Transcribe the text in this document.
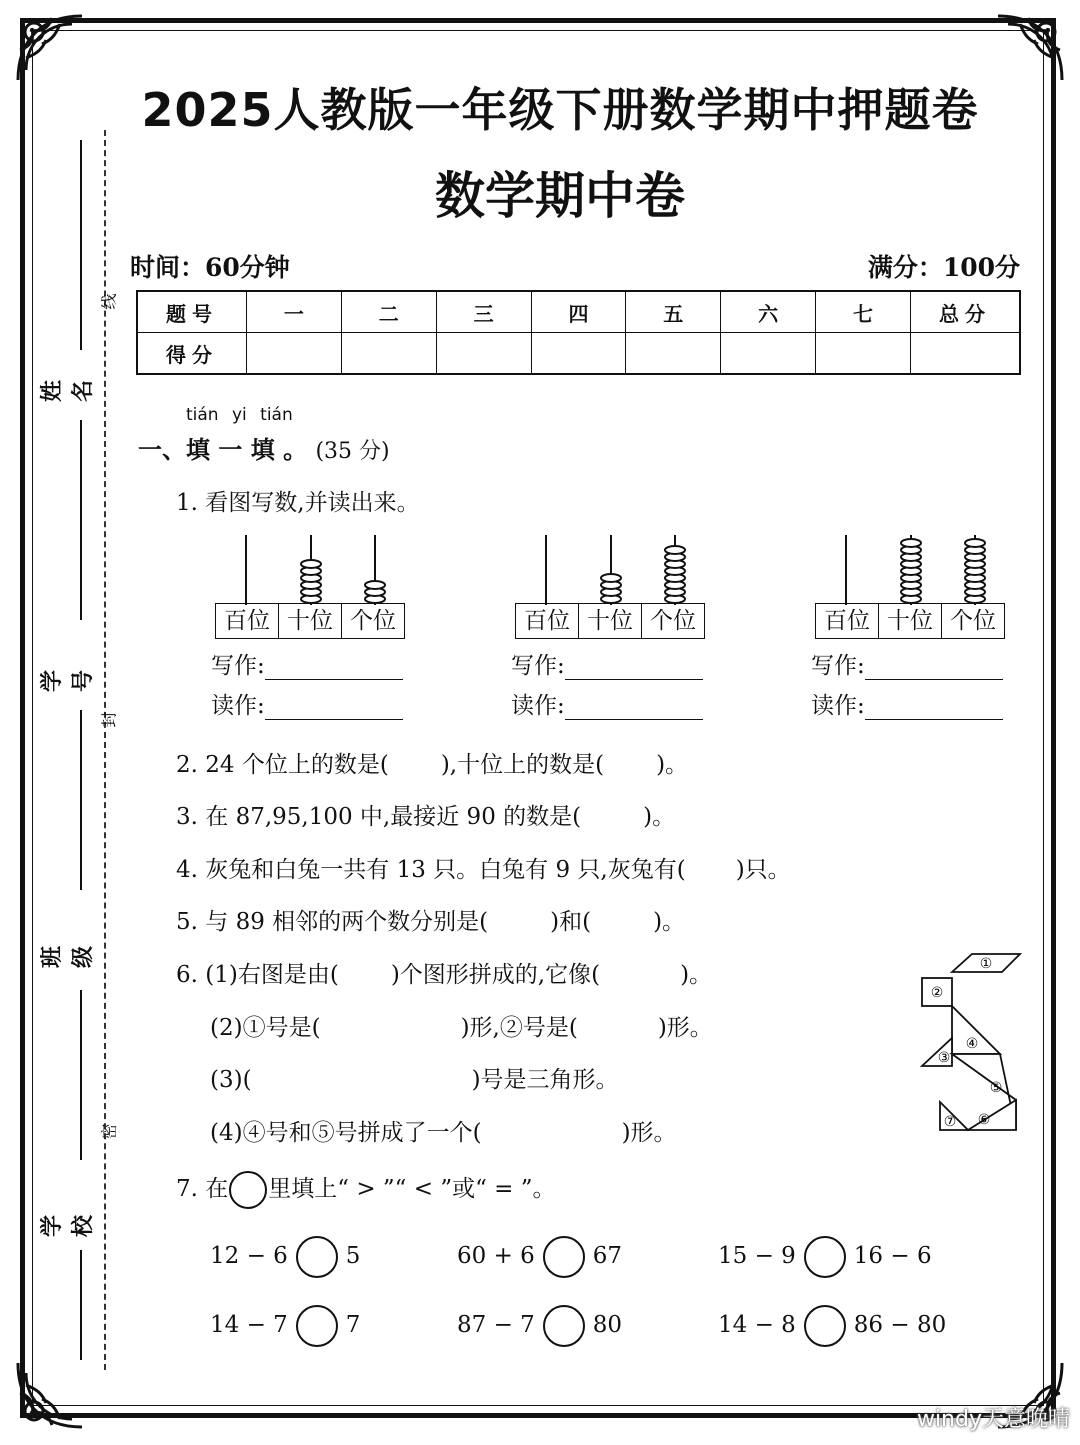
姓名
学号
班级
学校
线
封
密
2025人教版一年级下册数学期中押题卷
数学期中卷
时间：60分钟	满分：100分
题号	一	二	三	四	五	六	七	总分
得分								
tián yi tián
一、填 一 填 。 (35 分)
1. 看图写数,并读出来。
百位 十位 个位
写作:
读作:
百位 十位 个位
写作:
读作:
百位 十位 个位
写作:
读作:
2. 24 个位上的数是( ),十位上的数是( )。
3. 在 87,95,100 中,最接近 90 的数是(	)。
4. 灰兔和白兔一共有 13 只。白兔有 9 只,灰兔有( )只。
5. 与 89 相邻的两个数分别是(	)和(	)。
6. (1)右图是由( )个图形拼成的,它像(	)。
(2)①号是(	)形,②号是(	)形。
(3)(	)号是三角形。
(4)④号和⑤号拼成了一个(	)形。
①
②
③
④
⑤
⑥
⑦
7. 在 里填上“ > ”“ < ”或“ = ”。
12 − 6	5	60 + 6	67	15 − 9	16 − 6
14 − 7	7	87 − 7	80	14 − 8	86 − 80
windy天意晚晴
